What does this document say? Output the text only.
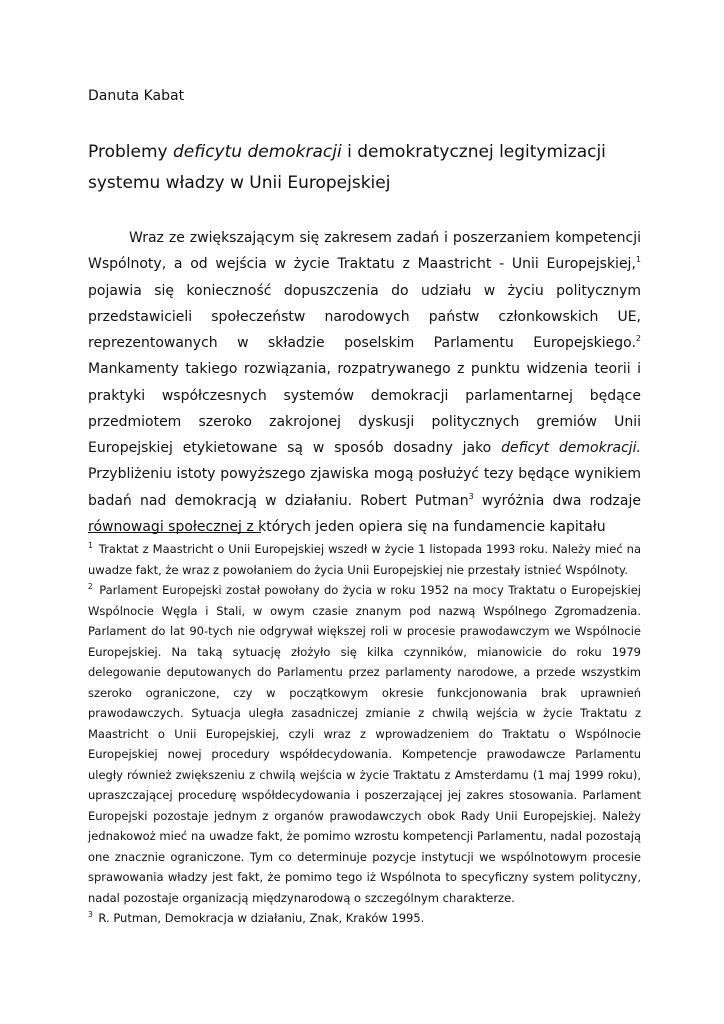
Danuta Kabat
Problemy deficytu demokracji i demokratycznej legitymizacji systemu władzy w Unii Europejskiej

Wraz ze zwiększającym się zakresem zadań i poszerzaniem kompetencji Wspólnoty, a od wejścia w życie Traktatu z Maastricht - Unii Europejskiej,$^1$ pojawia się konieczność dopuszczenia do udziału w życiu politycznym przedstawicieli społeczeństw narodowych państw członkowskich UE, reprezentowanych w składzie poselskim Parlamentu Europejskiego.$^2$ Mankamenty takiego rozwiązania, rozpatrywanego z punktu widzenia teorii i praktyki współczesnych systemów demokracji parlamentarnej będące przedmiotem szeroko zakrojonej dyskusji politycznych gremiów Unii Europejskiej etykietowane są w sposób dosadny jako deficyt demokracji. Przybliżeniu istoty powyższego zjawiska mogą posłużyć tezy będące wynikiem badań nad demokracją w działaniu. Robert Putman$^3$ wyróżnia dwa rodzaje równowagi społecznej z których jeden opiera się na fundamencie kapitału

$^1$ Traktat z Maastricht o Unii Europejskiej wszedł w życie 1 listopada 1993 roku. Należy mieć na uwadze fakt, że wraz z powołaniem do życia Unii Europejskiej nie przestały istnieć Wspólnoty.

$^2$ Parlament Europejski został powołany do życia w roku 1952 na mocy Traktatu o Europejskiej Wspólnocie Węgla i Stali, w owym czasie znanym pod nazwą Wspólnego Zgromadzenia. Parlament do lat 90-tych nie odgrywał większej roli w procesie prawodawczym we Wspólnocie Europejskiej. Na taką sytuację złożyło się kilka czynników, mianowicie do roku 1979 delegowanie deputowanych do Parlamentu przez parlamenty narodowe, a przede wszystkim szeroko ograniczone, czy w początkowym okresie funkcjonowania brak uprawnień prawodawczych. Sytuacja uległa zasadniczej zmianie z chwilą wejścia w życie Traktatu z Maastricht o Unii Europejskiej, czyli wraz z wprowadzeniem do Traktatu o Wspólnocie Europejskiej nowej procedury współdecydowania. Kompetencje prawodawcze Parlamentu uległy również zwiększeniu z chwilą wejścia w życie Traktatu z Amsterdamu (1 maj 1999 roku), upraszczającej procedurę współdecydowania i poszerzającej jej zakres stosowania. Parlament Europejski pozostaje jednym z organów prawodawczych obok Rady Unii Europejskiej. Należy jednakowoż mieć na uwadze fakt, że pomimo wzrostu kompetencji Parlamentu, nadal pozostają one znacznie ograniczone. Tym co determinuje pozycje instytucji we wspólnotowym procesie sprawowania władzy jest fakt, że pomimo tego iż Wspólnota to specyficzny system polityczny, nadal pozostaje organizacją międzynarodową o szczególnym charakterze.

$^3$ R. Putman, Demokracja w działaniu, Znak, Kraków 1995.
